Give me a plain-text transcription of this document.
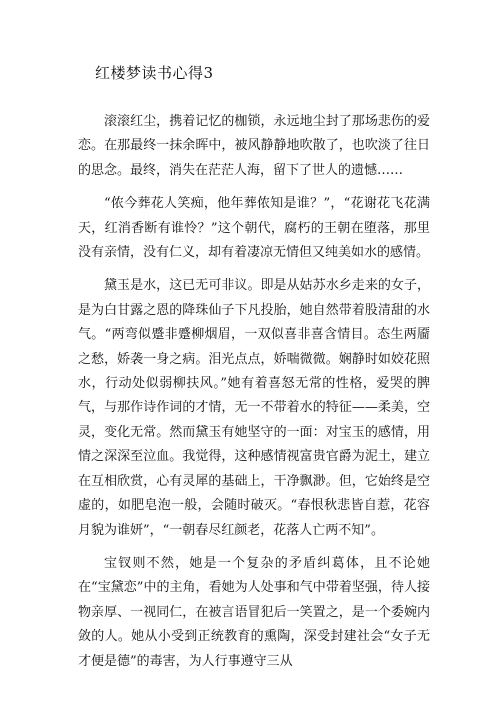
红楼梦读书心得3

滚滚红尘，携着记忆的枷锁，永远地尘封了那场悲伤的爱恋。在那最终一抹余晖中，被风静静地吹散了，也吹淡了往日的思念。最终，消失在茫茫人海，留下了世人的遗憾……

“侬今葬花人笑痴，他年葬侬知是谁？”，“花谢花飞花满天，红消香断有谁怜？”这个朝代，腐朽的王朝在堕落，那里没有亲情，没有仁义，却有着凄凉无情但又纯美如水的感情。

黛玉是水，这已无可非议。即是从姑苏水乡走来的女子，是为白甘露之恩的降珠仙子下凡投胎，她自然带着股清甜的水气。“两弯似蹙非蹙柳烟眉，一双似喜非喜含情目。态生两靥之愁，娇袭一身之病。泪光点点，娇喘微微。娴静时如姣花照水，行动处似弱柳扶风。”她有着喜怒无常的性格，爱哭的脾气，与那作诗作词的才情，无一不带着水的特征——柔美，空灵，变化无常。然而黛玉有她坚守的一面：对宝玉的感情，用情之深深至泣血。我觉得，这种感情视富贵官爵为泥土，建立在互相欣赏，心有灵犀的基础上，干净飘渺。但，它始终是空虚的，如肥皂泡一般，会随时破灭。“春恨秋悲皆自惹，花容月貌为谁妍”，“一朝春尽红颜老，花落人亡两不知”。

宝钗则不然，她是一个复杂的矛盾纠葛体，且不论她在“宝黛恋”中的主角，看她为人处事和气中带着坚强，待人接物亲厚、一视同仁，在被言语冒犯后一笑置之，是一个委婉内敛的人。她从小受到正统教育的熏陶，深受封建社会“女子无才便是德”的毒害，为人行事遵守三从
